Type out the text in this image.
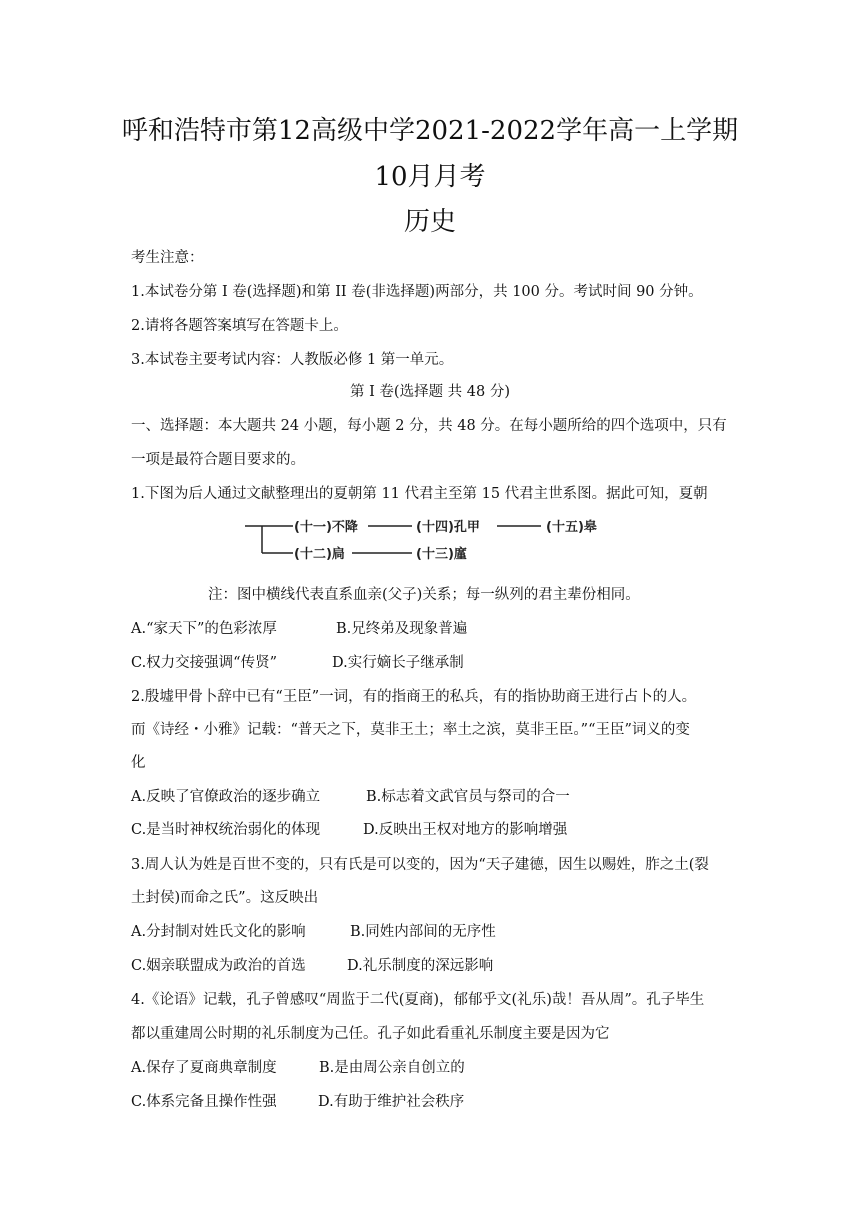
呼和浩特市第12高级中学2021-2022学年高一上学期
10月月考
历史
考生注意：
1.本试卷分第 I 卷(选择题)和第 II 卷(非选择题)两部分，共 100 分。考试时间 90 分钟。
2.请将各题答案填写在答题卡上。
3.本试卷主要考试内容：人教版必修 1 第一单元。
第 I 卷(选择题 共 48 分)
一、选择题：本大题共 24 小题，每小题 2 分，共 48 分。在每小题所给的四个选项中，只有
一项是最符合题目要求的。
1.下图为后人通过文献整理出的夏朝第 11 代君主至第 15 代君主世系图。据此可知，夏朝
(十一)不降	(十四)孔甲	(十五)皋
(十二)扃	(十三)廑
注：图中横线代表直系血亲(父子)关系；每一纵列的君主辈份相同。
A.“家天下”的色彩浓厚	B.兄终弟及现象普遍
C.权力交接强调“传贤”	D.实行嫡长子继承制
2.殷墟甲骨卜辞中已有“王臣”一词，有的指商王的私兵，有的指协助商王进行占卜的人。
而《诗经・小雅》记载：“普天之下，莫非王土；率土之滨，莫非王臣。”“王臣”词义的变
化
A.反映了官僚政治的逐步确立	B.标志着文武官员与祭司的合一
C.是当时神权统治弱化的体现	D.反映出王权对地方的影响增强
3.周人认为姓是百世不变的，只有氏是可以变的，因为“天子建德，因生以赐姓，胙之土(裂
土封侯)而命之氏”。这反映出
A.分封制对姓氏文化的影响	B.同姓内部间的无序性
C.姻亲联盟成为政治的首选	D.礼乐制度的深远影响
4.《论语》记载，孔子曾感叹“周监于二代(夏商)，郁郁乎文(礼乐)哉！吾从周”。孔子毕生
都以重建周公时期的礼乐制度为己任。孔子如此看重礼乐制度主要是因为它
A.保存了夏商典章制度	B.是由周公亲自创立的
C.体系完备且操作性强	D.有助于维护社会秩序
